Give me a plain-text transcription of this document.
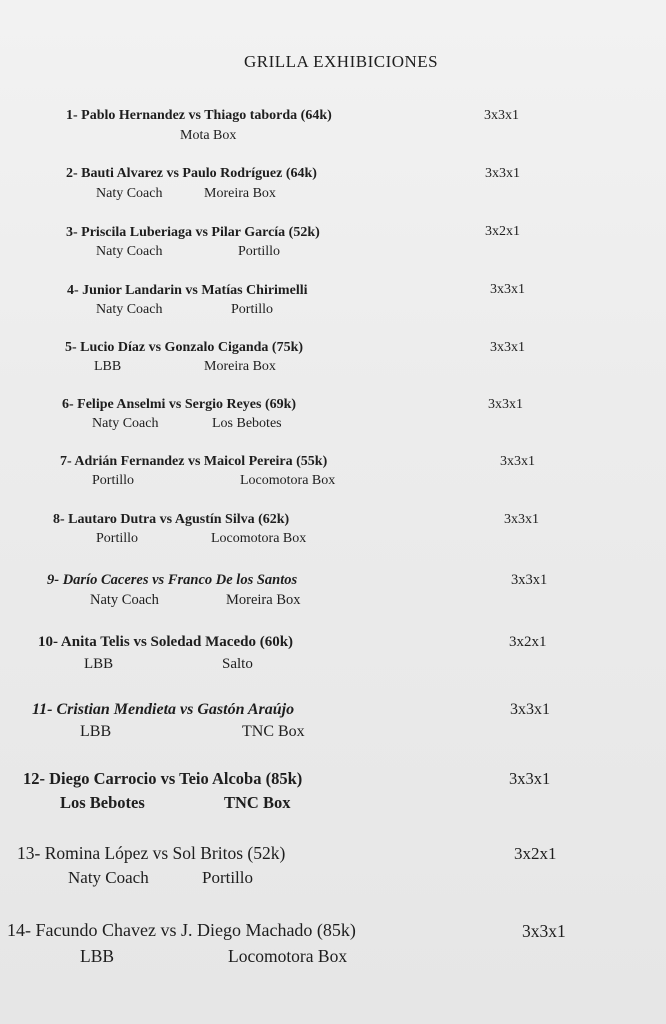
GRILLA EXHIBICIONES
1- Pablo Hernandez vs Thiago taborda (64k)	3x3x1
Mota Box
2- Bauti Alvarez vs Paulo Rodríguez (64k)	3x3x1
Naty Coach	Moreira Box
3- Priscila Luberiaga vs Pilar García (52k)	3x2x1
Naty Coach	Portillo
4- Junior Landarin vs Matías Chirimelli	3x3x1
Naty Coach	Portillo
5- Lucio Díaz vs Gonzalo Ciganda (75k)	3x3x1
LBB	Moreira Box
6- Felipe Anselmi vs Sergio Reyes (69k)	3x3x1
Naty Coach	Los Bebotes
7- Adrián Fernandez vs Maicol Pereira (55k)	3x3x1
Portillo	Locomotora Box
8- Lautaro Dutra vs Agustín Silva (62k)	3x3x1
Portillo	Locomotora Box
9- Darío Caceres vs Franco De los Santos	3x3x1
Naty Coach	Moreira Box
10- Anita Telis vs Soledad Macedo (60k)	3x2x1
LBB	Salto
11- Cristian Mendieta vs Gastón Araújo	3x3x1
LBB	TNC Box
12- Diego Carrocio vs Teio Alcoba (85k)	3x3x1
Los Bebotes	TNC Box
13- Romina López vs Sol Britos (52k)	3x2x1
Naty Coach	Portillo
14- Facundo Chavez vs J. Diego Machado (85k)	3x3x1
LBB	Locomotora Box
